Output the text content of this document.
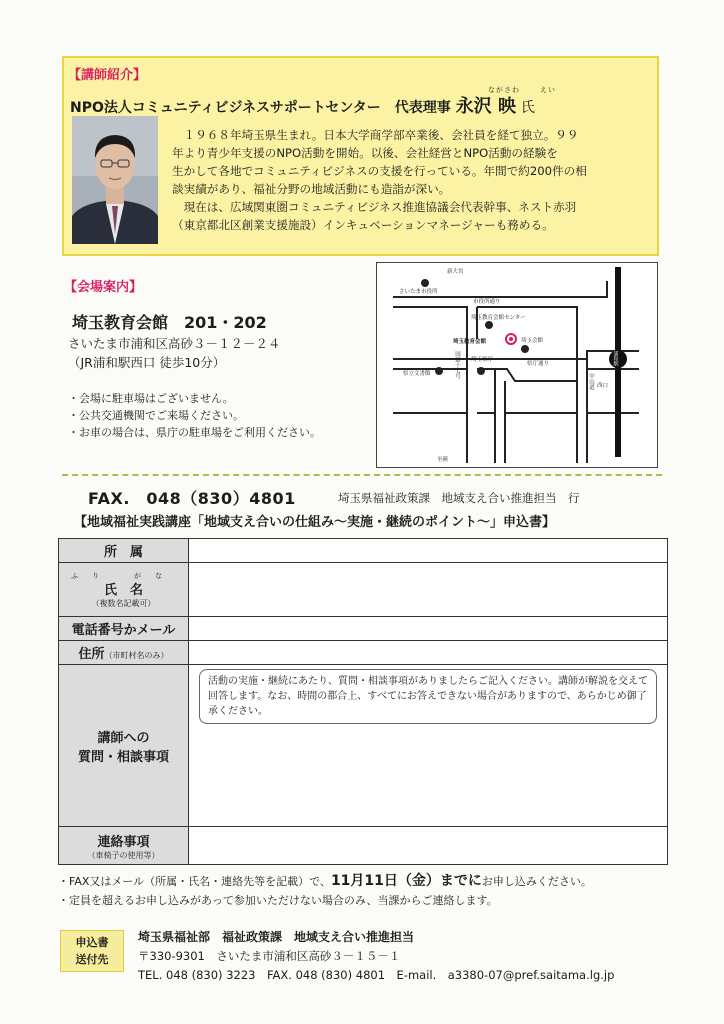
【講師紹介】
ながさわ	えい
NPO法人コミュニティビジネスサポートセンター　代表理事 永沢 映 氏

　１９６８年埼玉県生まれ。日本大学商学部卒業後、会社員を経て独立。９９

年より青少年支援のNPO活動を開始。以後、会社経営とNPO活動の経験を

生かして各地でコミュニティビジネスの支援を行っている。年間で約200件の相

談実績があり、福祉分野の地域活動にも造詣が深い。

　現在は、広域関東圏コミュニティビジネス推進協議会代表幹事、ネスト赤羽

（東京都北区創業支援施設）インキュベーションマネージャーも務める。

【会場案内】
埼玉教育会館　201・202
さいたま市浦和区高砂３－１２－２４
（JR浦和駅西口 徒歩10分）
・会場に駐車場はございません。
・公共交通機関でご来場ください。
・お車の場合は、県庁の駐車場をご利用ください。
新大宮
さいたま市役所
市役所通り
埼玉教育会館センター
埼玉教育会館	埼玉会館
埼玉県庁
県立文書館
県庁通り
西口
至蕨
国道十七号
中山道
浦和駅
FAX.　048（830）4801	埼玉県福祉政策課　地域支え合い推進担当　行
【地域福祉実践講座「地域支え合いの仕組み～実施・継続のポイント～」申込書】
所　属	

ふり　がな
氏　名
（複数名記載可）	

電話番号かメール	
住所（市町村名のみ）	

講師への
質問・相談事項	活動の実施・継続にあたり、質問・相談事項がありましたらご記入ください。講師が解説を交えて回答します。なお、時間の都合上、すべてにお答えできない場合がありますので、あらかじめ御了承ください。

連絡事項
（車椅子の使用等）	

・FAX又はメール（所属・氏名・連絡先等を記載）で、11月11日（金）までにお申し込みください。
・定員を超えるお申し込みがあって参加いただけない場合のみ、当課からご連絡します。
申込書
送付先
埼玉県福祉部　福祉政策課　地域支え合い推進担当
〒330-9301　さいたま市浦和区高砂３－１５－１
TEL. 048 (830) 3223　FAX. 048 (830) 4801　 E-mail.　a3380-07@pref.saitama.lg.jp
